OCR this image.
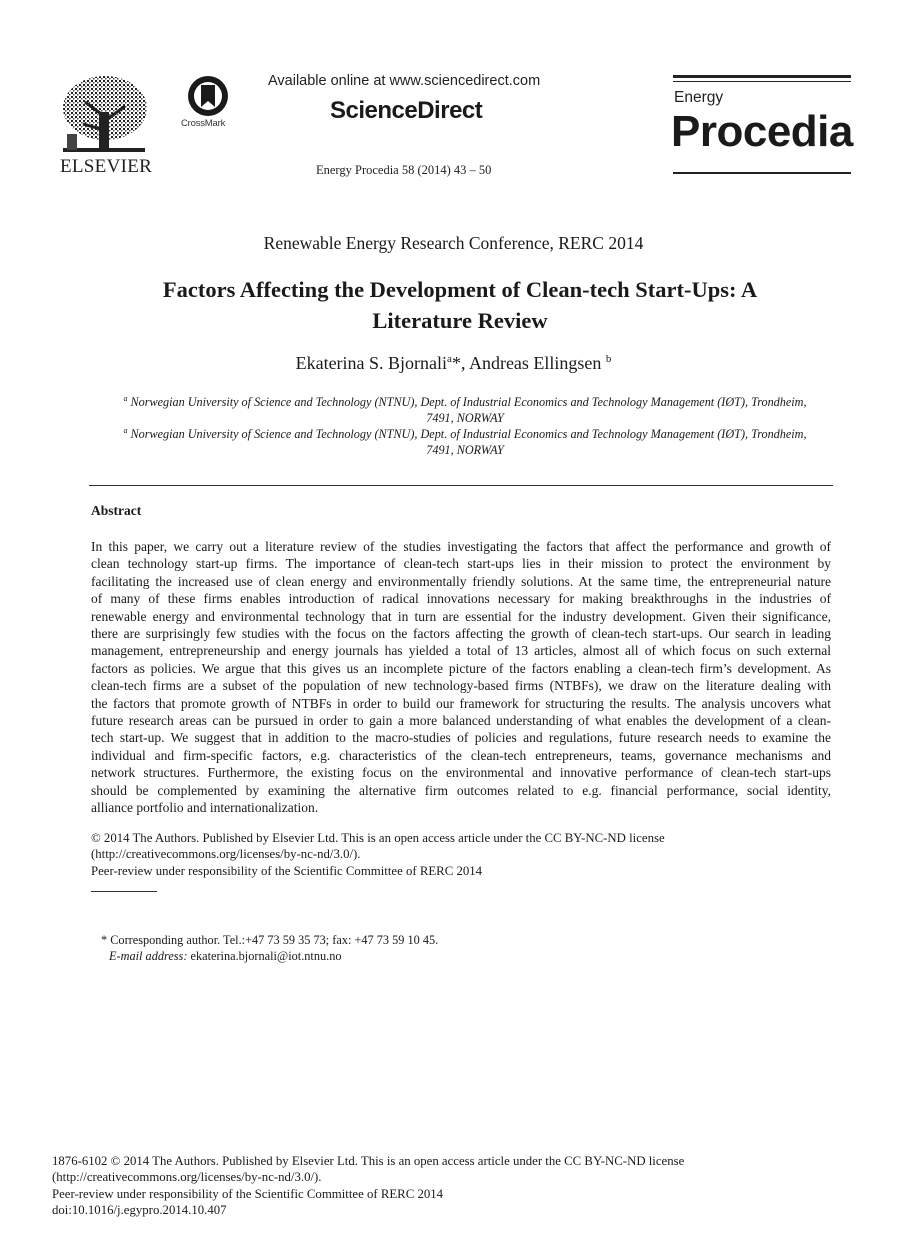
ELSEVIER
CrossMark
Available online at www.sciencedirect.com
ScienceDirect
Energy Procedia 58 (2014) 43 – 50
Energy
Procedia
Renewable Energy Research Conference, RERC 2014
Factors Affecting the Development of Clean-tech Start-Ups: A
Literature Review
Ekaterina S. Bjornali$^a$*, Andreas Ellingsen $^b$
$^a$ Norwegian University of Science and Technology (NTNU), Dept. of Industrial Economics and Technology Management (IØT), Trondheim,
7491, NORWAY
$^a$ Norwegian University of Science and Technology (NTNU), Dept. of Industrial Economics and Technology Management (IØT), Trondheim,
7491, NORWAY
Abstract
In this paper, we carry out a literature review of the studies investigating the factors that affect the performance and growth of
clean technology start-up firms. The importance of clean-tech start-ups lies in their mission to protect the environment by
facilitating the increased use of clean energy and environmentally friendly solutions. At the same time, the entrepreneurial nature
of many of these firms enables introduction of radical innovations necessary for making breakthroughs in the industries of
renewable energy and environmental technology that in turn are essential for the industry development. Given their significance,
there are surprisingly few studies with the focus on the factors affecting the growth of clean-tech start-ups. Our search in leading
management, entrepreneurship and energy journals has yielded a total of 13 articles, almost all of which focus on such external
factors as policies. We argue that this gives us an incomplete picture of the factors enabling a clean-tech firm’s development. As
clean-tech firms are a subset of the population of new technology-based firms (NTBFs), we draw on the literature dealing with
the factors that promote growth of NTBFs in order to build our framework for structuring the results. The analysis uncovers what
future research areas can be pursued in order to gain a more balanced understanding of what enables the development of a clean-
tech start-up. We suggest that in addition to the macro-studies of policies and regulations, future research needs to examine the
individual and firm-specific factors, e.g. characteristics of the clean-tech entrepreneurs, teams, governance mechanisms and
network structures. Furthermore, the existing focus on the environmental and innovative performance of clean-tech start-ups
should be complemented by examining the alternative firm outcomes related to e.g. financial performance, social identity,
alliance portfolio and internationalization.
© 2014 The Authors. Published by Elsevier Ltd. This is an open access article under the CC BY-NC-ND license
(http://creativecommons.org/licenses/by-nc-nd/3.0/).
Peer-review under responsibility of the Scientific Committee of RERC 2014
* Corresponding author. Tel.:+47 73 59 35 73; fax: +47 73 59 10 45.
E-mail address: ekaterina.bjornali@iot.ntnu.no
1876-6102 © 2014 The Authors. Published by Elsevier Ltd. This is an open access article under the CC BY-NC-ND license
(http://creativecommons.org/licenses/by-nc-nd/3.0/).
Peer-review under responsibility of the Scientific Committee of RERC 2014
doi:10.1016/j.egypro.2014.10.407
